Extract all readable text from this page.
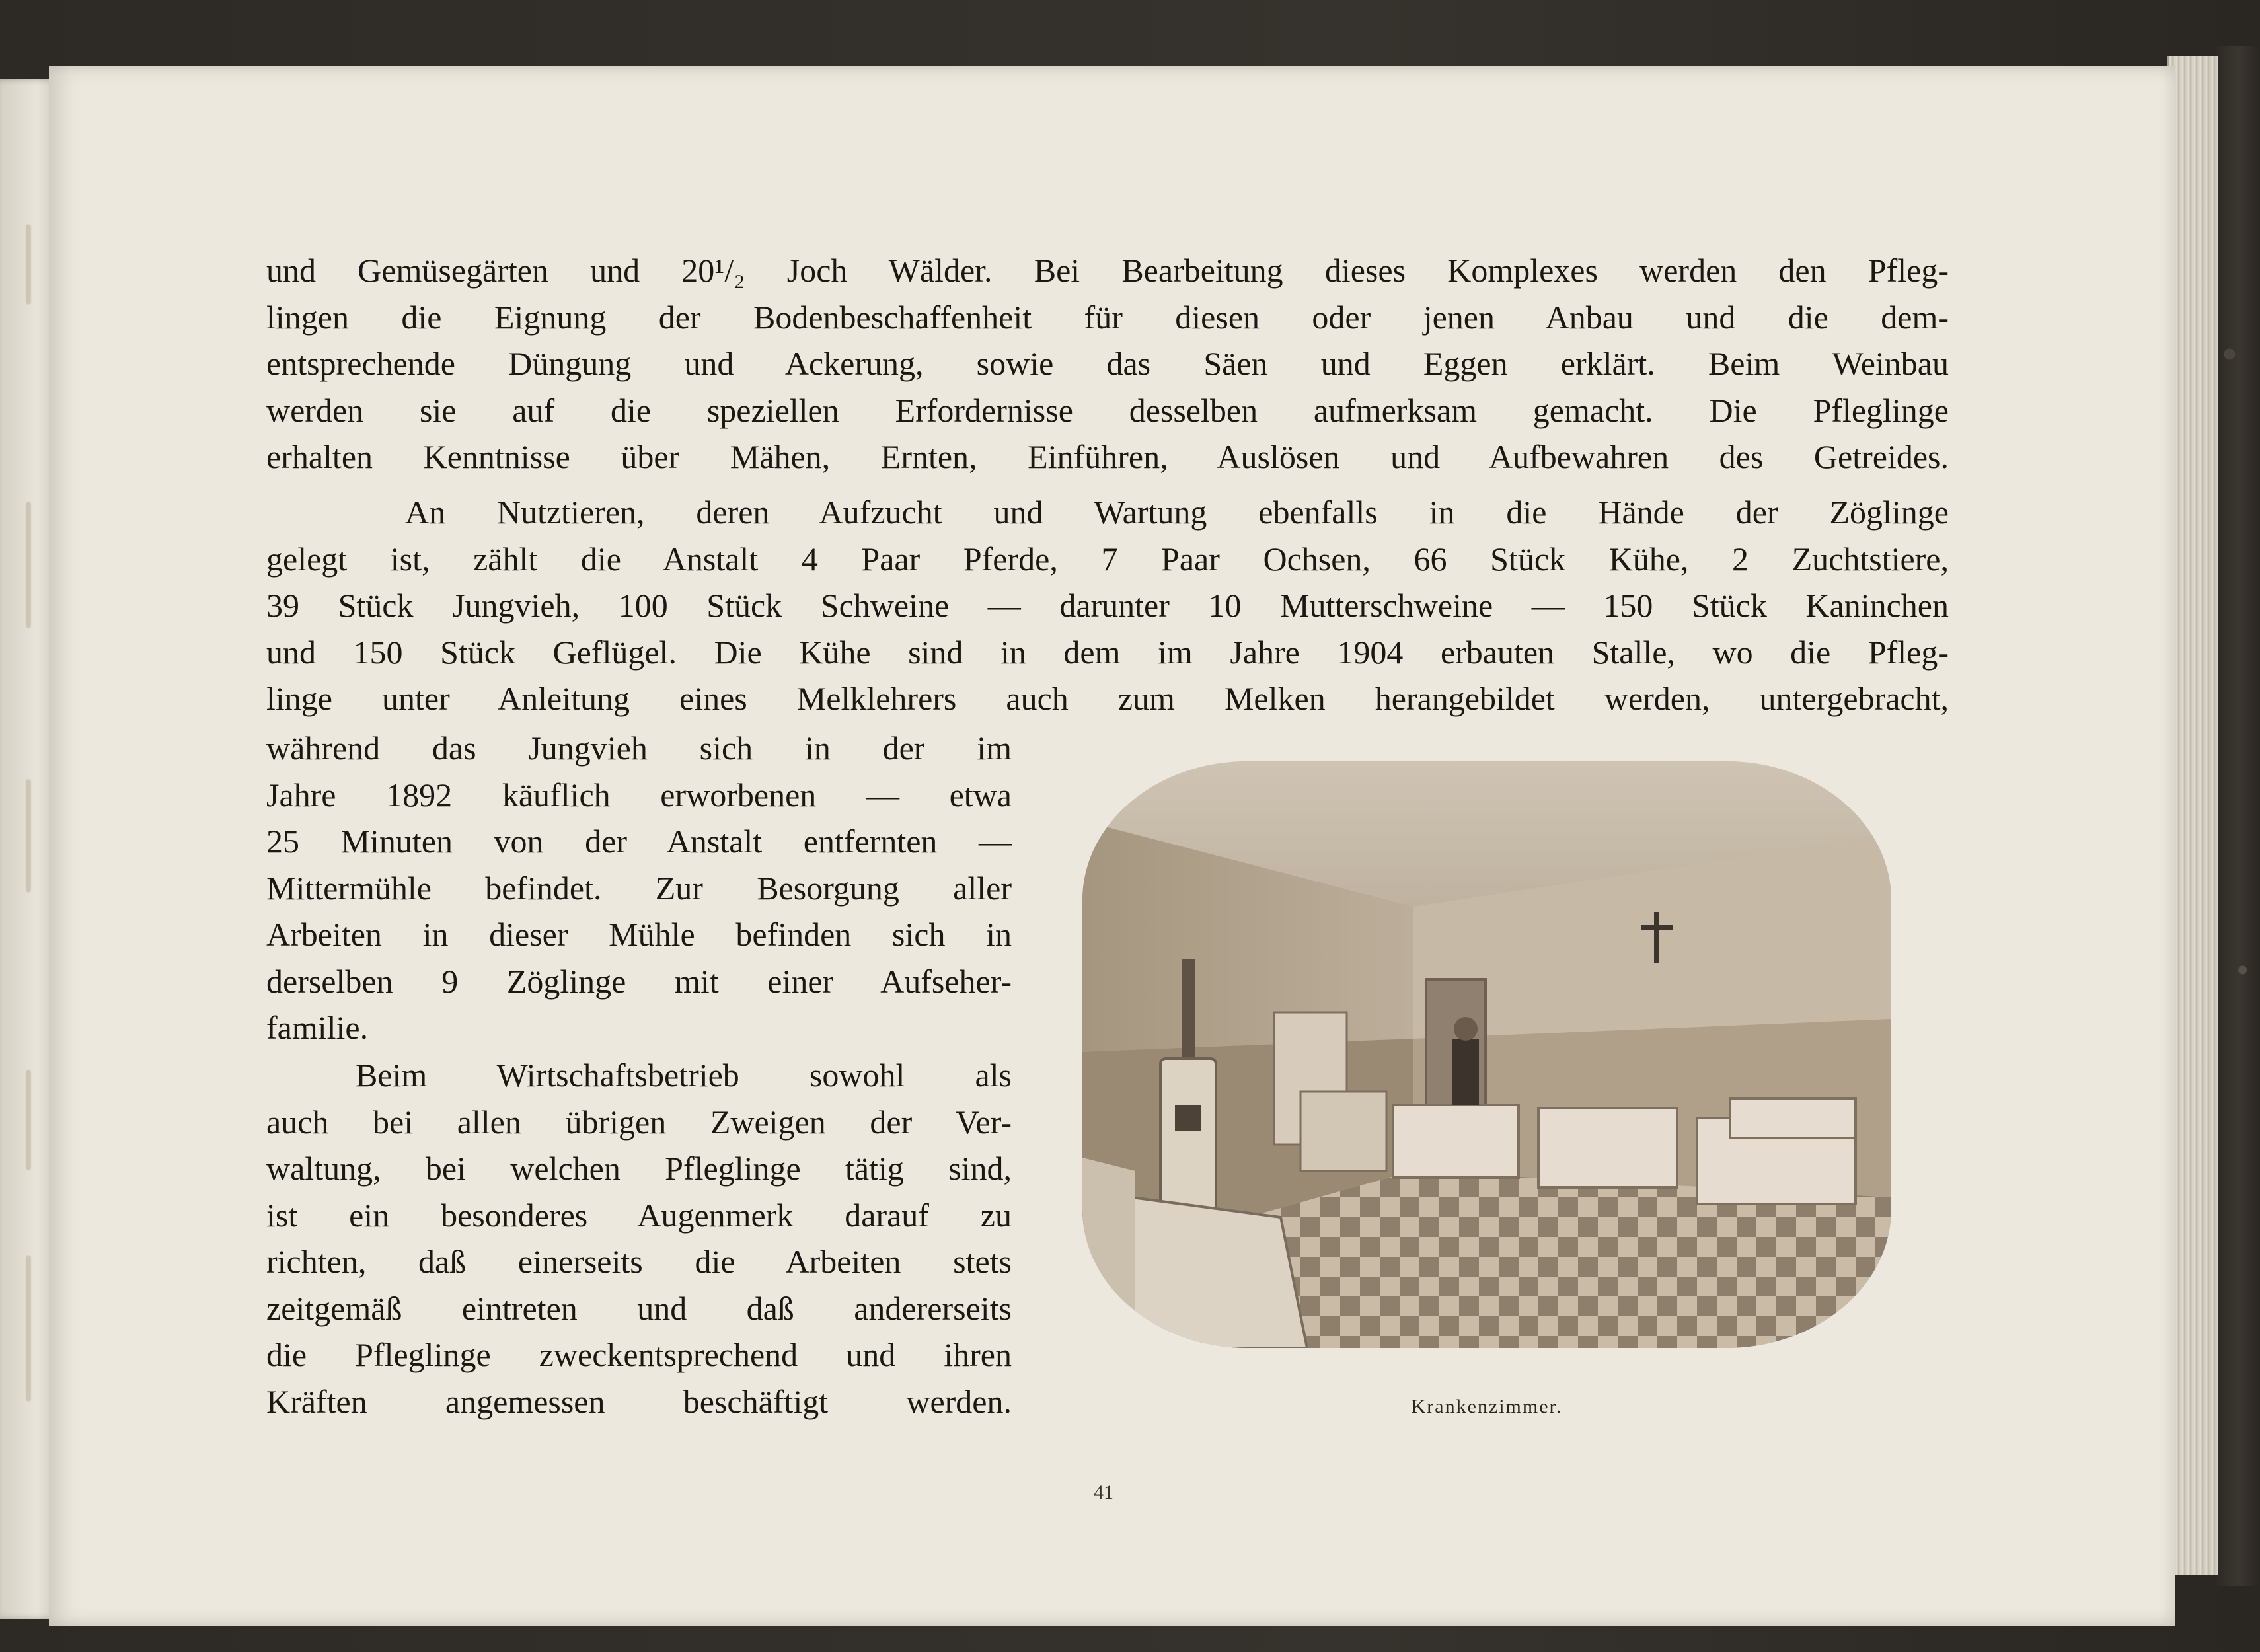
und Gemüsegärten und 20¹/₂ Joch Wälder. Bei Bearbeitung dieses Komplexes werden den Pfleg-
lingen die Eignung der Bodenbeschaffenheit für diesen oder jenen Anbau und die dem-
entsprechende Düngung und Ackerung, sowie das Säen und Eggen erklärt. Beim Weinbau
werden sie auf die speziellen Erfordernisse desselben aufmerksam gemacht. Die Pfleglinge
erhalten Kenntnisse über Mähen, Ernten, Einführen, Auslösen und Aufbewahren des Getreides.
An Nutztieren, deren Aufzucht und Wartung ebenfalls in die Hände der Zöglinge
gelegt ist, zählt die Anstalt 4 Paar Pferde, 7 Paar Ochsen, 66 Stück Kühe, 2 Zuchtstiere,
39 Stück Jungvieh, 100 Stück Schweine — darunter 10 Mutterschweine — 150 Stück Kaninchen
und 150 Stück Geflügel. Die Kühe sind in dem im Jahre 1904 erbauten Stalle, wo die Pfleg-
linge unter Anleitung eines Melklehrers auch zum Melken herangebildet werden, untergebracht,
während das Jungvieh sich in der im
Jahre 1892 käuflich erworbenen — etwa
25 Minuten von der Anstalt entfernten —
Mittermühle befindet. Zur Besorgung aller
Arbeiten in dieser Mühle befinden sich in
derselben 9 Zöglinge mit einer Aufseher-
familie.
Beim Wirtschaftsbetrieb sowohl als
auch bei allen übrigen Zweigen der Ver-
waltung, bei welchen Pfleglinge tätig sind,
ist ein besonderes Augenmerk darauf zu
richten, daß einerseits die Arbeiten stets
zeitgemäß eintreten und daß andererseits
die Pfleglinge zweckentsprechend und ihren
Kräften angemessen beschäftigt werden.	Krankenzimmer.
41
